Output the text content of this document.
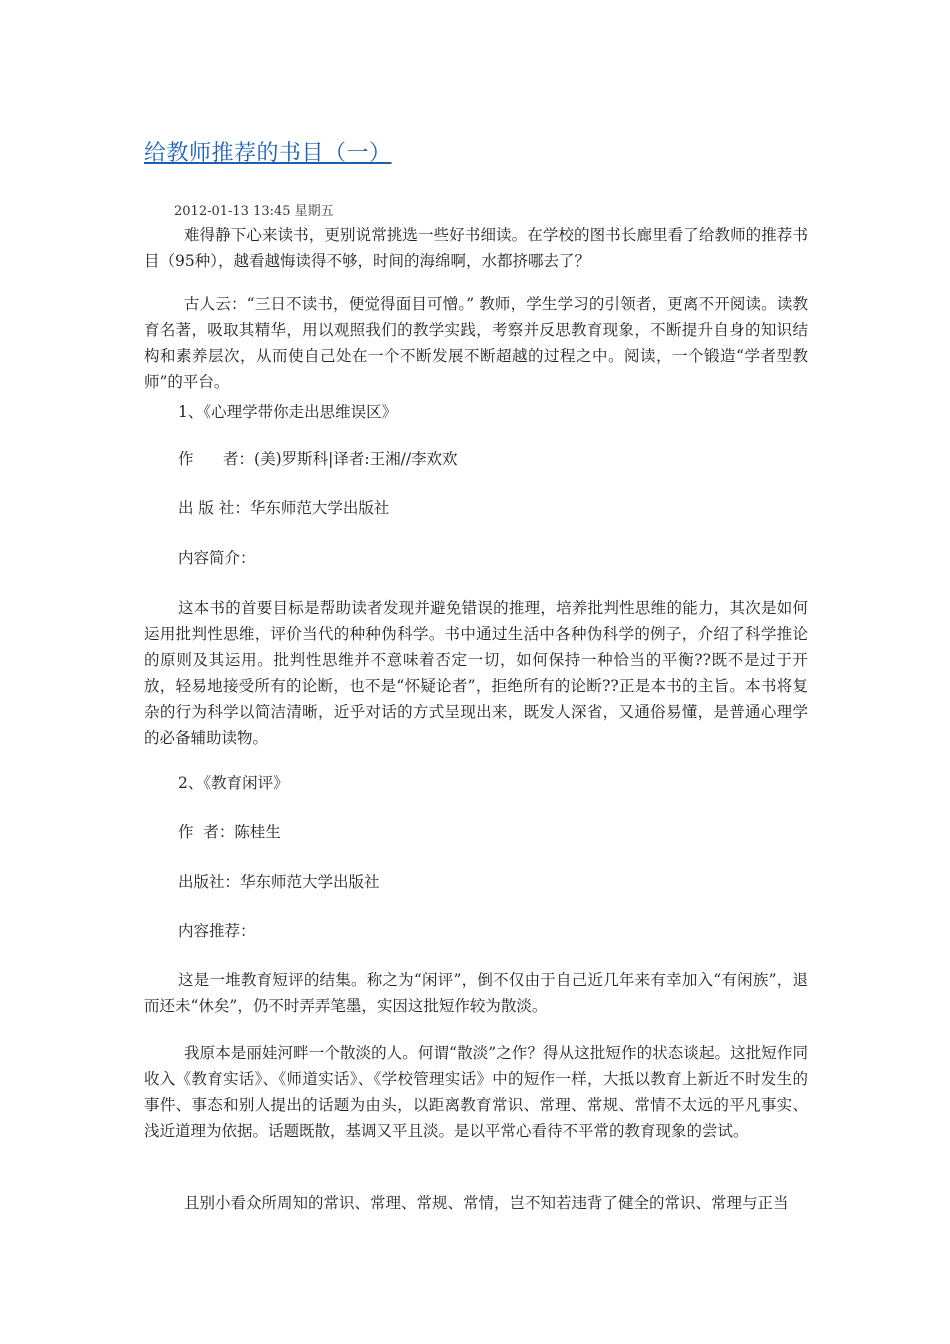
给教师推荐的书目（一）
2012-01-13 13:45 星期五
难得静下心来读书，更别说常挑选一些好书细读。在学校的图书长廊里看了给教师的推荐书目（95种），越看越悔读得不够，时间的海绵啊，水都挤哪去了？
古人云：“三日不读书，便觉得面目可憎。” 教师，学生学习的引领者，更离不开阅读。读教育名著，吸取其精华，用以观照我们的教学实践，考察并反思教育现象，不断提升自身的知识结构和素养层次，从而使自己处在一个不断发展不断超越的过程之中。阅读，一个锻造“学者型教师”的平台。
1、《心理学带你走出思维误区》
作      者：(美)罗斯科|译者:王湘//李欢欢
出 版 社：华东师范大学出版社
内容简介：
这本书的首要目标是帮助读者发现并避免错误的推理，培养批判性思维的能力，其次是如何运用批判性思维，评价当代的种种伪科学。书中通过生活中各种伪科学的例子，介绍了科学推论的原则及其运用。批判性思维并不意味着否定一切，如何保持一种恰当的平衡??既不是过于开放，轻易地接受所有的论断，也不是“怀疑论者”，拒绝所有的论断??正是本书的主旨。本书将复杂的行为科学以简洁清晰，近乎对话的方式呈现出来，既发人深省，又通俗易懂，是普通心理学的必备辅助读物。
2、《教育闲评》
作  者：陈桂生
出版社：华东师范大学出版社
内容推荐：
这是一堆教育短评的结集。称之为“闲评”，倒不仅由于自己近几年来有幸加入“有闲族”，退而还未“休矣”，仍不时弄弄笔墨，实因这批短作较为散淡。
我原本是丽娃河畔一个散淡的人。何谓“散淡”之作？得从这批短作的状态谈起。这批短作同收入《教育实话》、《师道实话》、《学校管理实话》中的短作一样，大抵以教育上新近不时发生的事件、事态和别人提出的话题为由头，以距离教育常识、常理、常规、常情不太远的平凡事实、浅近道理为依据。话题既散，基调又平且淡。是以平常心看待不平常的教育现象的尝试。
且别小看众所周知的常识、常理、常规、常情，岂不知若违背了健全的常识、常理与正当
